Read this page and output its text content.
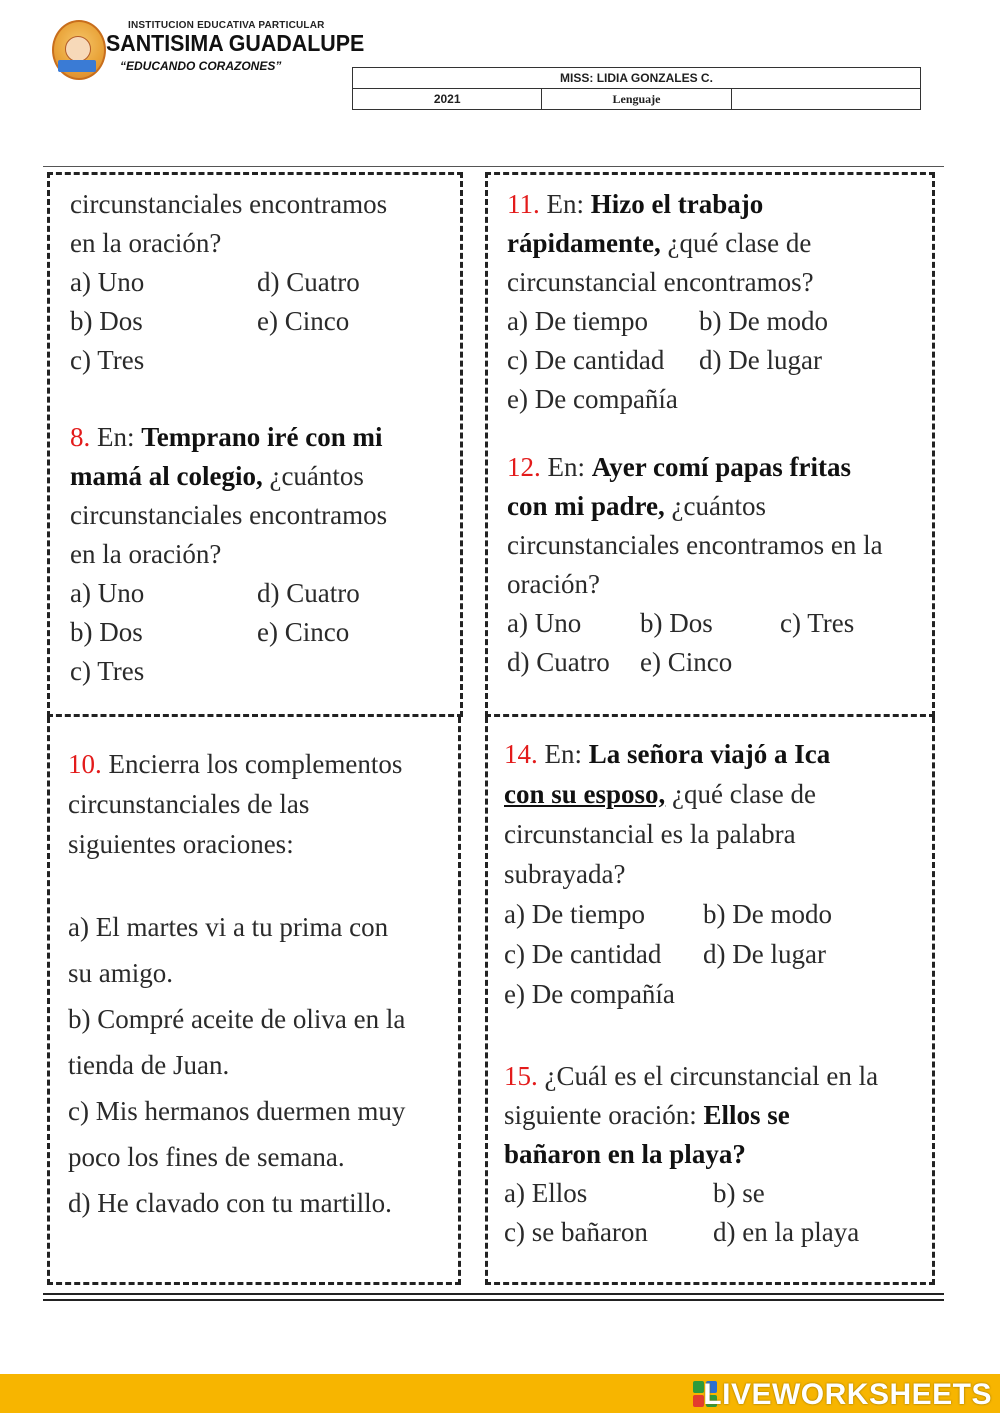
INSTITUCION EDUCATIVA PARTICULAR
SANTISIMA GUADALUPE
“EDUCANDO CORAZONES”
MISS: LIDIA GONZALES C.
2021	Lenguaje	

circunstanciales encontramos

en la oración?

a) Uno	d) Cuatro
b) Dos	e) Cinco
c) Tres

8. En: Temprano iré con mi

mamá al colegio, ¿cuántos

circunstanciales encontramos

en la oración?

a) Uno	d) Cuatro
b) Dos	e) Cinco
c) Tres

10. Encierra los complementos

circunstanciales de las

siguientes oraciones:

a) El martes vi a tu prima con

su amigo.

b) Compré aceite de oliva en la

tienda de Juan.

c) Mis hermanos duermen muy

poco los fines de semana.

d) He clavado con tu martillo.

11. En: Hizo el trabajo

rápidamente, ¿qué clase de

circunstancial encontramos?

a) De tiempo	b) De modo
c) De cantidad	d) De lugar
e) De compañía

12. En: Ayer comí papas fritas

con mi padre, ¿cuántos

circunstanciales encontramos en la

oración?

a) Uno	b) Dos	c) Tres
d) Cuatro	e) Cinco

14. En: La señora viajó a Ica

con su esposo, ¿qué clase de

circunstancial es la palabra

subrayada?

a) De tiempo	b) De modo
c) De cantidad	d) De lugar
e) De compañía

15. ¿Cuál es el circunstancial en la

siguiente oración: Ellos se

bañaron en la playa?

a) Ellos	b) se
c) se bañaron	d) en la playa
LIVEWORKSHEETS
